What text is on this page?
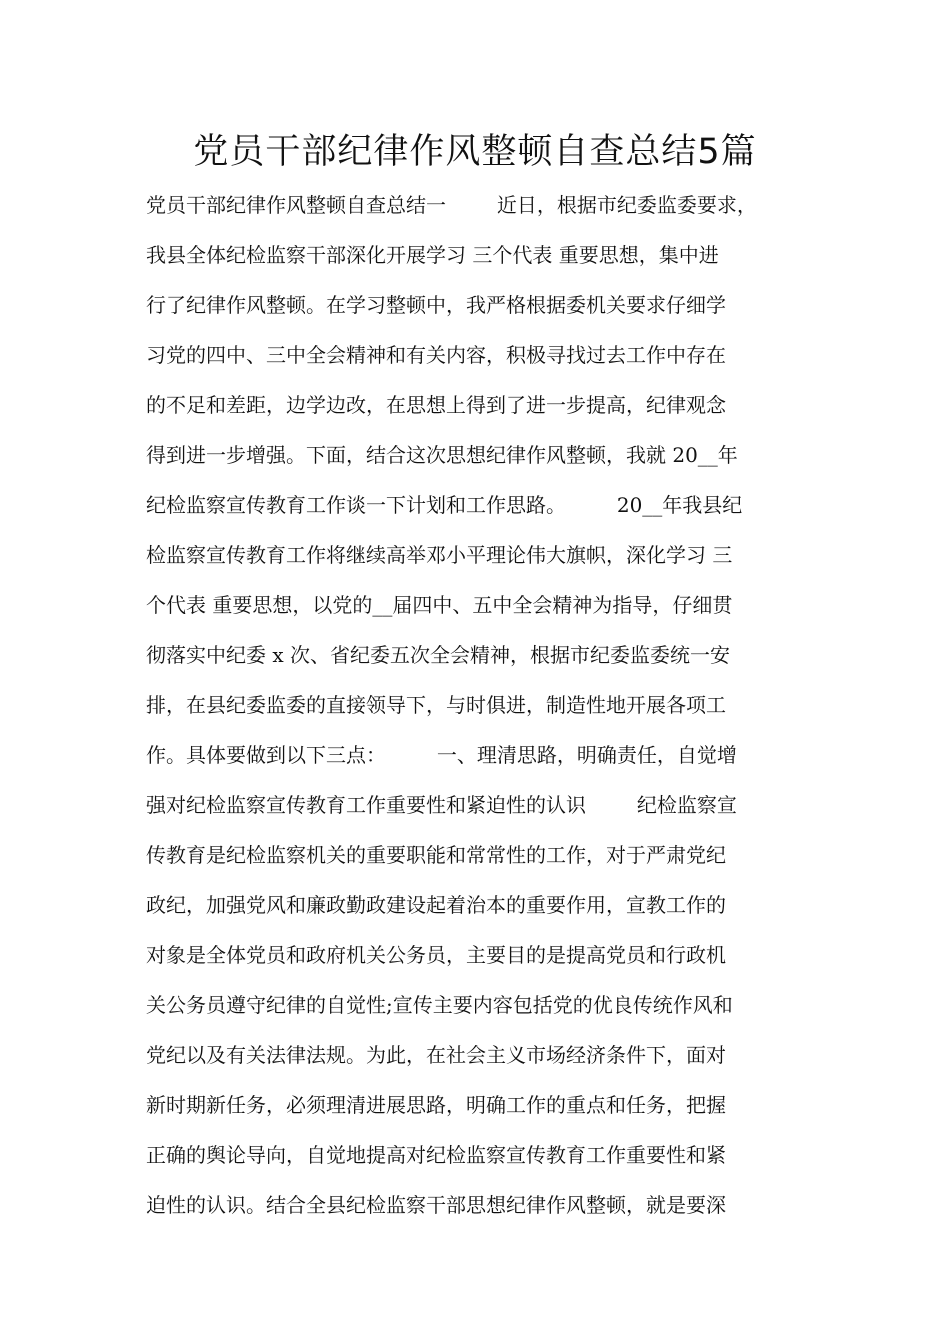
党员干部纪律作风整顿自查总结5篇
党员干部纪律作风整顿自查总结一        近日，根据市纪委监委要求，
我县全体纪检监察干部深化开展学习 三个代表 重要思想，集中进
行了纪律作风整顿。在学习整顿中，我严格根据委机关要求仔细学
习党的四中、三中全会精神和有关内容，积极寻找过去工作中存在
的不足和差距，边学边改，在思想上得到了进一步提高，纪律观念
得到进一步增强。下面，结合这次思想纪律作风整顿，我就 20__年
纪检监察宣传教育工作谈一下计划和工作思路。        20__年我县纪
检监察宣传教育工作将继续高举邓小平理论伟大旗帜，深化学习 三
个代表 重要思想，以党的__届四中、五中全会精神为指导，仔细贯
彻落实中纪委 x 次、省纪委五次全会精神，根据市纪委监委统一安
排，在县纪委监委的直接领导下，与时俱进，制造性地开展各项工
作。具体要做到以下三点：        一、理清思路，明确责任，自觉增
强对纪检监察宣传教育工作重要性和紧迫性的认识        纪检监察宣
传教育是纪检监察机关的重要职能和常常性的工作，对于严肃党纪
政纪，加强党风和廉政勤政建设起着治本的重要作用，宣教工作的
对象是全体党员和政府机关公务员，主要目的是提高党员和行政机
关公务员遵守纪律的自觉性;宣传主要内容包括党的优良传统作风和
党纪以及有关法律法规。为此，在社会主义市场经济条件下，面对
新时期新任务，必须理清进展思路，明确工作的重点和任务，把握
正确的舆论导向，自觉地提高对纪检监察宣传教育工作重要性和紧
迫性的认识。结合全县纪检监察干部思想纪律作风整顿，就是要深
